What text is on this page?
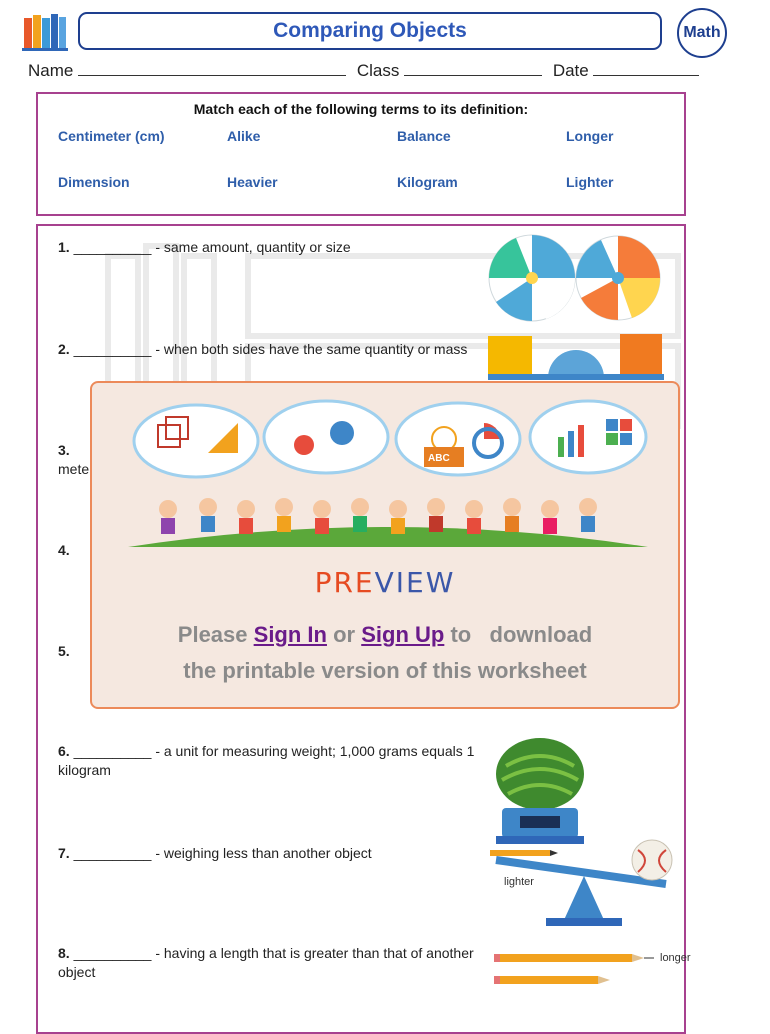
Comparing Objects	Math
Name	Class	Date
Match each of the following terms to its definition:
Centimeter (cm)	Alike	Balance	Longer
Dimension	Heavier	Kilogram	Lighter
1. __________ - same amount, quantity or size
2. __________ - when both sides have the same quantity or mass
3.
mete
4.
5.
6. __________ - a unit for measuring weight; 1,000 grams equals 1 kilogram
7. __________ - weighing less than another object
8. __________ - having a length that is greater than that of another object
lighter
longer
ABC
PREVIEW
Please Sign In or Sign Up to   download
the printable version of this worksheet
